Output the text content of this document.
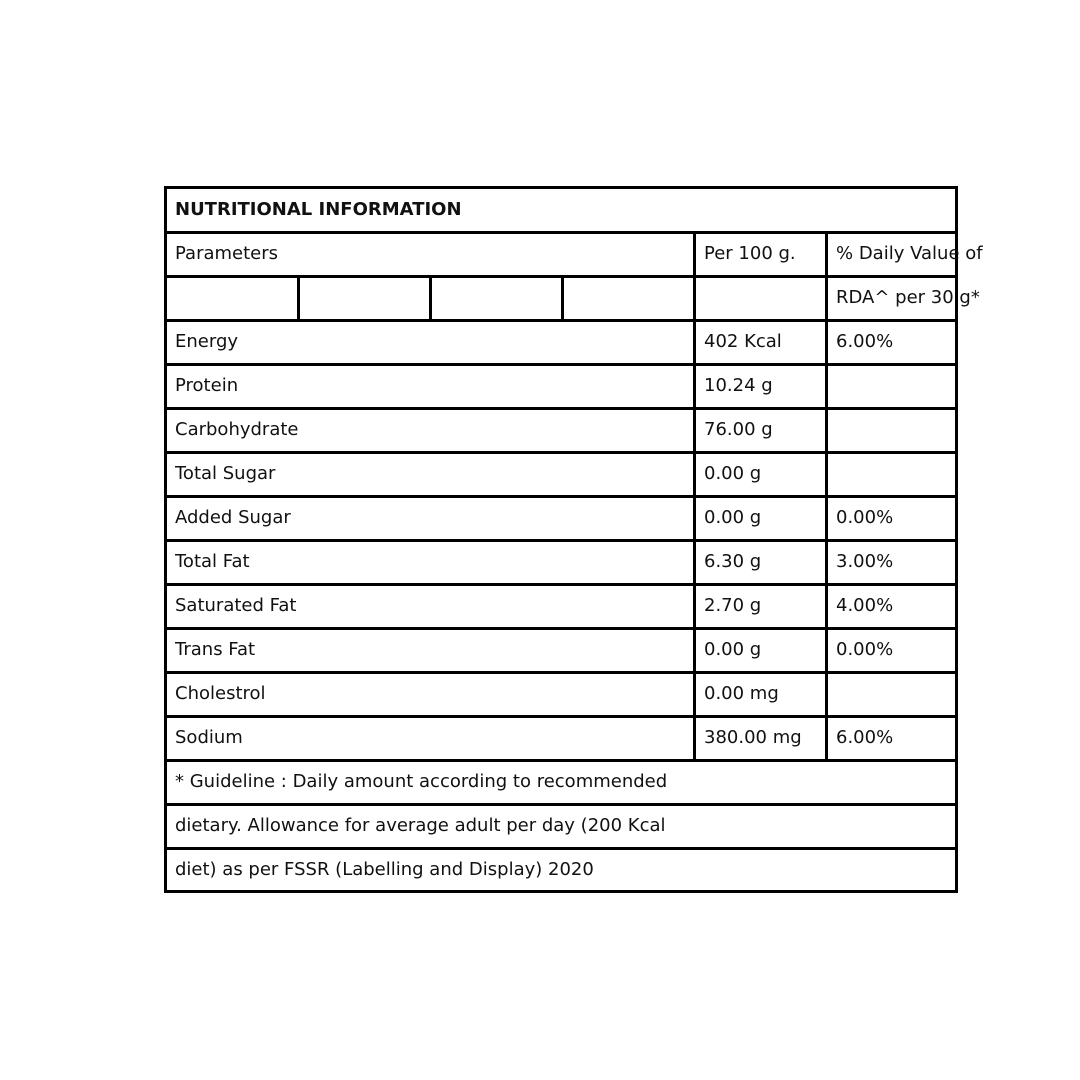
NUTRITIONAL INFORMATION
Parameters	Per 100 g.	% Daily Value of
RDA^ per 30 g*
Energy	402 Kcal	6.00%
Protein	10.24 g
Carbohydrate	76.00 g
Total Sugar	0.00 g
Added Sugar	0.00 g	0.00%
Total Fat	6.30 g	3.00%
Saturated Fat	2.70 g	4.00%
Trans Fat	0.00 g	0.00%
Cholestrol	0.00 mg
Sodium	380.00 mg	6.00%
* Guideline : Daily amount according to recommended
dietary. Allowance for average adult per day (200 Kcal
diet) as per FSSR (Labelling and Display) 2020
